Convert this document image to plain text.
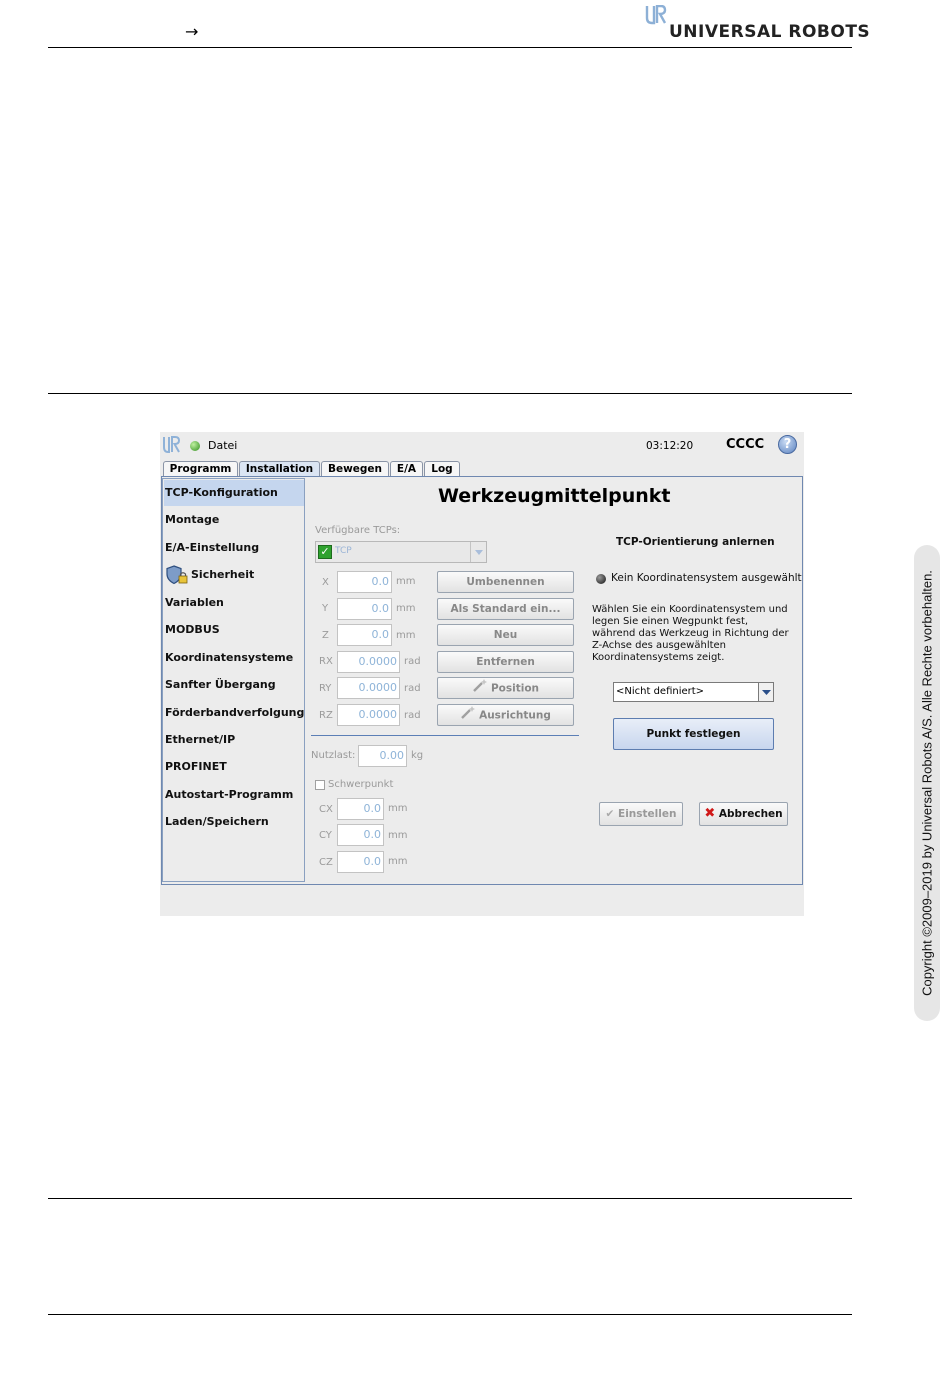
→	UNIVERSAL ROBOTS
Copyright ©2009–2019 by Universal Robots A/S. Alle Rechte vorbehalten.
Datei	03:12:20	CCCC	?
Programm	Installation	Bewegen	E/A	Log
TCP-Konfiguration
Montage
E/A-Einstellung
Sicherheit
Variablen
MODBUS
Koordinatensysteme
Sanfter Übergang
Förderbandverfolgung
Ethernet/IP
PROFINET
Autostart-Programm
Laden/Speichern
Werkzeugmittelpunkt
Verfügbare TCPs:
✓ TCP
X	0.0 mm
Y	0.0 mm
Z	0.0 mm
RX	0.0000 rad
RY	0.0000 rad
RZ	0.0000 rad
Umbenennen
Als Standard ein...
Neu
Entfernen
Position
Ausrichtung
Nutzlast:	0.00 kg
Schwerpunkt
CX	0.0 mm
CY	0.0 mm
CZ	0.0 mm
TCP-Orientierung anlernen
Kein Koordinatensystem ausgewählt
Wählen Sie ein Koordinatensystem und
legen Sie einen Wegpunkt fest,
während das Werkzeug in Richtung der
Z-Achse des ausgewählten
Koordinatensystems zeigt.
<Nicht definiert>
Punkt festlegen
✔ Einstellen	✖ Abbrechen
